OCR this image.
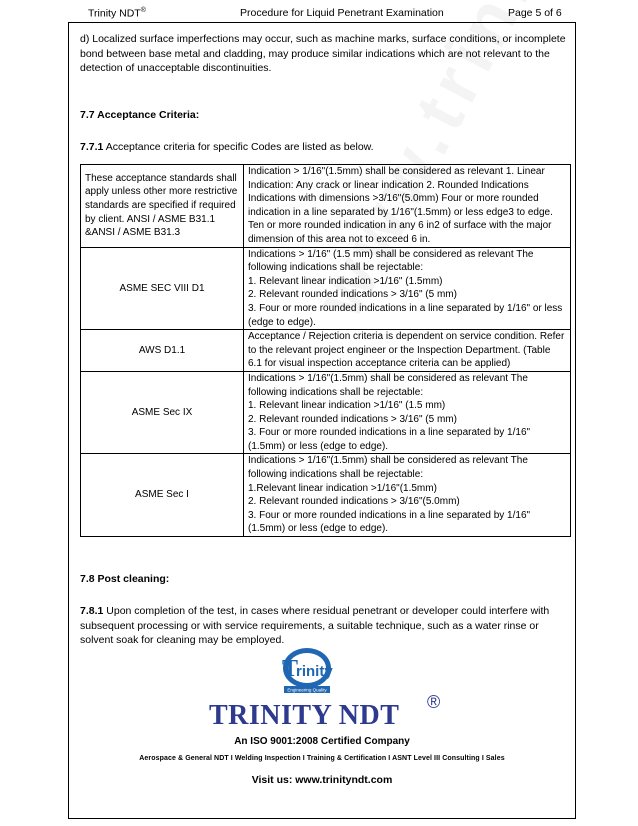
Trinity NDT®	Procedure for Liquid Penetrant Examination	Page 5 of 6
d) Localized surface imperfections may occur, such as machine marks, surface conditions, or incomplete bond between base metal and cladding, may produce similar indications which are not relevant to the detection of unacceptable discontinuities.
7.7 Acceptance Criteria:
7.7.1 Acceptance criteria for specific Codes are listed as below.
These acceptance standards shall apply unless other more restrictive standards are specified if required by client. ANSI / ASME B31.1 &ANSI / ASME B31.3	Indication > 1/16"(1.5mm) shall be considered as relevant 1. Linear Indication: Any crack or linear indication 2. Rounded Indications Indications with dimensions >3/16"(5.0mm) Four or more rounded indication in a line separated by 1/16"(1.5mm) or less edge3 to edge. Ten or more rounded indication in any 6 in2 of surface with the major dimension of this area not to exceed 6 in.

ASME SEC VIII D1	Indications > 1/16" (1.5 mm) shall be considered as relevant The following indications shall be rejectable:
1. Relevant linear indication >1/16" (1.5mm)
2. Relevant rounded indications > 3/16" (5 mm)
3. Four or more rounded indications in a line separated by 1/16" or less (edge to edge).

AWS D1.1	Acceptance / Rejection criteria is dependent on service condition. Refer to the relevant project engineer or the Inspection Department. (Table 6.1 for visual inspection acceptance criteria can be applied)

ASME Sec IX	Indications > 1/16"(1.5mm) shall be considered as relevant The following indications shall be rejectable:
1. Relevant linear indication >1/16" (1.5 mm)
2. Relevant rounded indications > 3/16" (5 mm)
3. Four or more rounded indications in a line separated by 1/16" (1.5mm) or less (edge to edge).

ASME Sec I	Indications > 1/16"(1.5mm) shall be considered as relevant The following indications shall be rejectable:
1.Relevant linear indication >1/16"(1.5mm)
2. Relevant rounded indications > 3/16"(5.0mm)
3. Four or more rounded indications in a line separated by 1/16"(1.5mm) or less (edge to edge).
7.8 Post cleaning:
7.8.1 Upon completion of the test, in cases where residual penetrant or developer could interfere with subsequent processing or with service requirements, a suitable technique, such as a water rinse or solvent soak for cleaning may be employed.
T
rinity
Engineering Quality
TRINITY NDT ®
An ISO 9001:2008 Certified Company
Aerospace & General NDT I Welding Inspection I Training & Certification I ASNT Level III Consulting I Sales
Visit us: www.trinityndt.com
